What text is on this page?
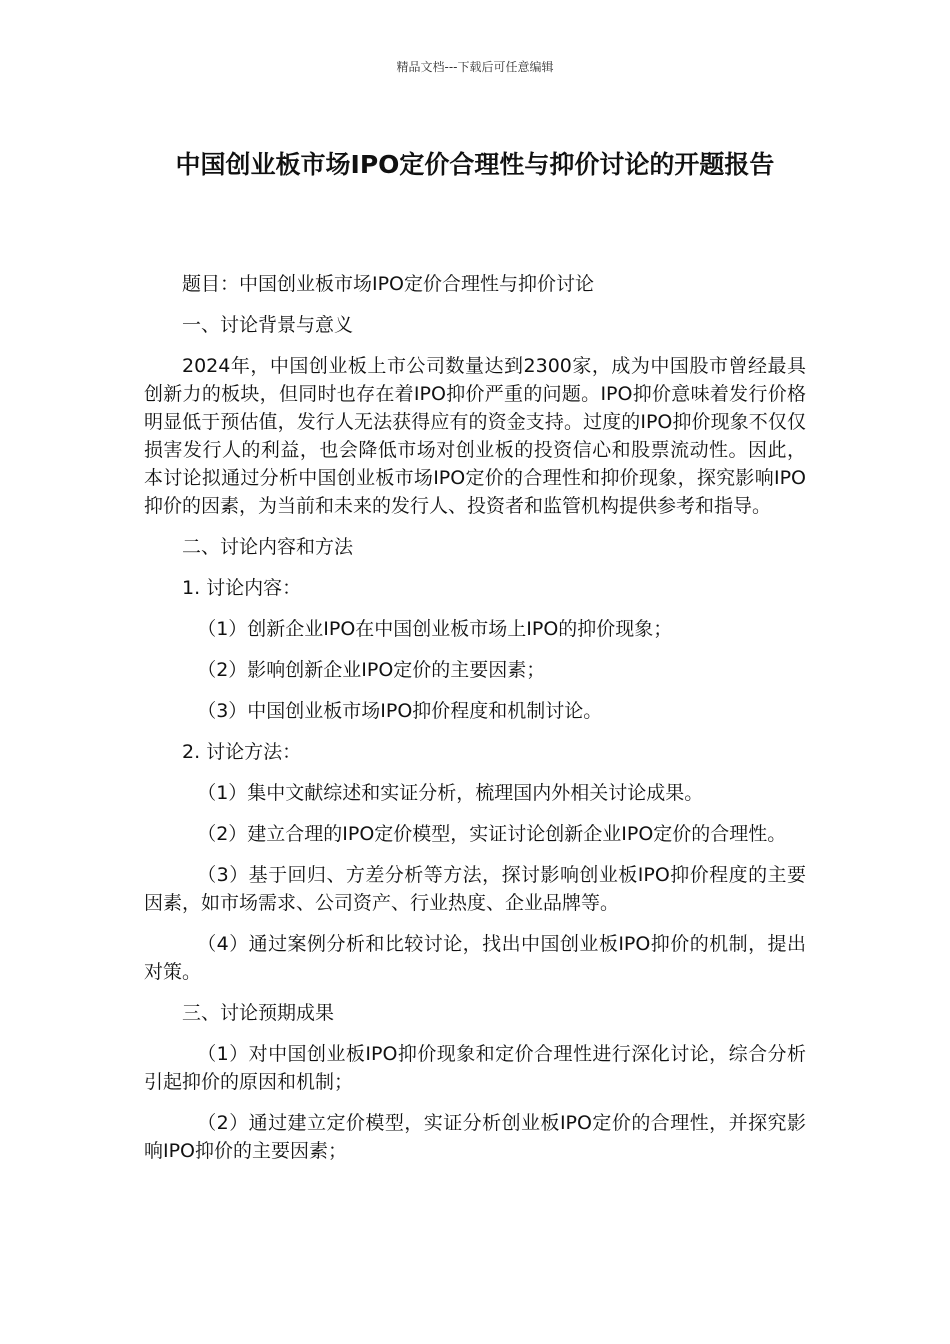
精品文档---下载后可任意编辑
中国创业板市场IPO定价合理性与抑价讨论的开题报告

题目：中国创业板市场IPO定价合理性与抑价讨论

一、讨论背景与意义

2024年，中国创业板上市公司数量达到2300家，成为中国股市曾经最具创新力的板块，但同时也存在着IPO抑价严重的问题。IPO抑价意味着发行价格明显低于预估值，发行人无法获得应有的资金支持。过度的IPO抑价现象不仅仅损害发行人的利益，也会降低市场对创业板的投资信心和股票流动性。因此，本讨论拟通过分析中国创业板市场IPO定价的合理性和抑价现象，探究影响IPO抑价的因素，为当前和未来的发行人、投资者和监管机构提供参考和指导。

二、讨论内容和方法

1. 讨论内容：

（1）创新企业IPO在中国创业板市场上IPO的抑价现象；

（2）影响创新企业IPO定价的主要因素；

（3）中国创业板市场IPO抑价程度和机制讨论。

2. 讨论方法：

（1）集中文献综述和实证分析，梳理国内外相关讨论成果。

（2）建立合理的IPO定价模型，实证讨论创新企业IPO定价的合理性。

（3）基于回归、方差分析等方法，探讨影响创业板IPO抑价程度的主要因素，如市场需求、公司资产、行业热度、企业品牌等。

（4）通过案例分析和比较讨论，找出中国创业板IPO抑价的机制，提出对策。

三、讨论预期成果

（1）对中国创业板IPO抑价现象和定价合理性进行深化讨论，综合分析引起抑价的原因和机制；

（2）通过建立定价模型，实证分析创业板IPO定价的合理性，并探究影响IPO抑价的主要因素；
